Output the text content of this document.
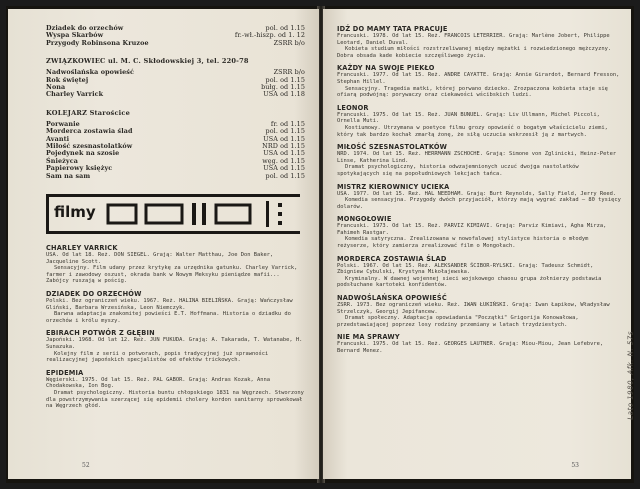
Dziadek do orzechów	pol. od 1.15
Wyspa Skarbów	fr.-wł.-hiszp. od 1. 12
Przygody Robinsona Kruzoe	ZSRR b/o
ZWIĄZKOWIEC ul. M. C. Skłodowskiej 3, tel. 220-78
Nadwoślańska opowieść	ZSRR b/o
Rok świętej	pol. od 1.15
Nona	bułg. od 1.15
Charley Varrick	USA od 1.18
KOLEJARZ Starościce
Porwanie	fr. od 1.15
Morderca zostawia ślad	pol. od 1.15
Avanti	USA od 1.15
Miłość szesnastolatków	NRD od 1.15
Pojedynek na szosie	USA od 1.15
Śnieżyca	węg. od 1.15
Papierowy księżyc	USA od 1.15
Sam na sam	pol. od 1.15
filmy
CHARLEY VARRICK
USA. Od lat 18. Reż. DON SIEGEL. Grają: Walter Matthau, Joe Don Baker, Jacqueline Scott.
Sensacyjny. Film udany przez krytykę za urzędnika gatunku. Charley Varrick, farmer i zawodowy oszust, okrada bank w Nowym Meksyku pieniądze mafii... Zabójcy ruszają w pościg.
DZIADEK DO ORZECHÓW
Polski. Bez ograniczeń wieku. 1967. Reż. HALINA BIELIŃSKA. Grają: Wańczysław Gliński, Barbara Wrzesińska, Leon Niemczyk.
Barwna adaptacja znakomitej powieści E.T. Hoffmana. Historia o dziadku do orzechów i królu myszy.
EBIRACH POTWÓR Z GŁĘBIN
Japoński. 1968. Od lat 12. Reż. JUN FUKUDA. Grają: A. Takarada, T. Watanabe, H. Sunazuka.
Kolejny film z serii o potworach, popis tradycyjnej już sprawności realizacyjnej japońskich specjalistów od efektów trickowych.
EPIDEMIA
Węgierski. 1975. Od lat 15. Reż. PAL GABOR. Grają: Andras Kozak, Anna Chodakowska, Ion Bog.
Dramat psychologiczny. Historia buntu chłopskiego 1831 na Węgrzech. Stworzony dla powstrzymywania szerzącej się epidemii cholery kordon sanitarny sprowokował na Węgrzech głód.
52
IDŹ DO MAMY TATA PRACUJE
Francuski. 1978. Od lat 15. Reż. FRANCOIS LETERRIER. Grają: Marlène Jobert, Philippe Leotard, Daniel Duval.
Kobieta studium miłości rozstrzeliwanej między mężatki i rozwiedzionego mężczyzny. Dobra obsada kade kobiecie szczęśliwego życia.
KAŻDY NA SWOJE PIEKŁO
Francuski. 1977. Od lat 15. Reż. ANDRE CAYATTE. Grają: Annie Girardot, Bernard Fresson, Stephan Hillel.
Sensacyjny. Tragedia matki, której porwano dziecko. Zrozpaczona kobieta staje się ofiarą podwójną: porywaczy oraz ciekawości wścibskich ludzi.
LEONOR
Francuski. 1975. Od lat 15. Reż. JUAN BUNUEL. Grają: Liv Ullmann, Michel Piccoli, Ornella Muti.
Kostiumowy. Utrzymana w poetyce filmu grozy opowieść o bogatym właścicielu ziemi, który tak bardzo kochał zmarłą żonę, że siłą uczucia wskrzesił ją z martwych.
MIŁOŚĆ SZESNASTOLATKÓW
NRD. 1974. Od lat 15. Reż. HERRMANN ZSCHOCHE. Grają: Simone von Zglinicki, Heinz-Peter Linse, Katherina Lind.
Dramat psychologiczny, historia odwzajemnionych uczuć dwojga nastolatków spotykających się na popołudniowych lekcjach tańca.
MISTRZ KIEROWNICY UCIEKA
USA. 1977. Od lat 15. Reż. HAL NEEDHAM. Grają: Burt Reynolds, Sally Field, Jerry Reed.
Komedia sensacyjna. Przygody dwóch przyjaciół, którzy mają wygrać zakład — 80 tysięcy dolarów.
MONGOŁOWIE
Francuski. 1973. Od lat 15. Reż. PARVIZ KIMIAVI. Grają: Parviz Kimiavi, Agha Mirza, Fahimeh Rastgar.
Komedia satyryczna. Zrealizowana w nowofalowej stylistyce historia o młodym reżyserze, który zamierza zrealizować film o Mongołach.
MORDERCA ZOSTAWIA ŚLAD
Polski. 1967. Od lat 15. Reż. ALEKSANDER ŚCIBOR-RYLSKI. Grają: Tadeusz Schmidt, Zbigniew Cybulski, Krystyna Mikołajewska.
Kryminalny. W dawnej wojennej sieci wojskowego chaosu grupa żołnierzy podstawia podsłuchane kartoteki konfidentów.
NADWOŚLAŃSKA OPOWIEŚĆ
ZSRR. 1973. Bez ograniczeń wieku. Reż. IWAN ŁUKIŃSKI. Grają: Iwan Łapikow, Władysław Strzelczyk, Georgij Jepifancew.
Dramat społeczny. Adaptacja opowiadania "Początki" Grigorija Konowałowa, przedstawiającej poprzez losy rodziny przemiany w latach trzydziestych.
NIE MA SPRAWY
Francuski. 1975. Od lat 15. Reż. GEORGES LAUTNER. Grają: Miou-Miou, Jean Lefebvre, Bernard Menez.	Lato 1980, Afk. N. 57s
53
